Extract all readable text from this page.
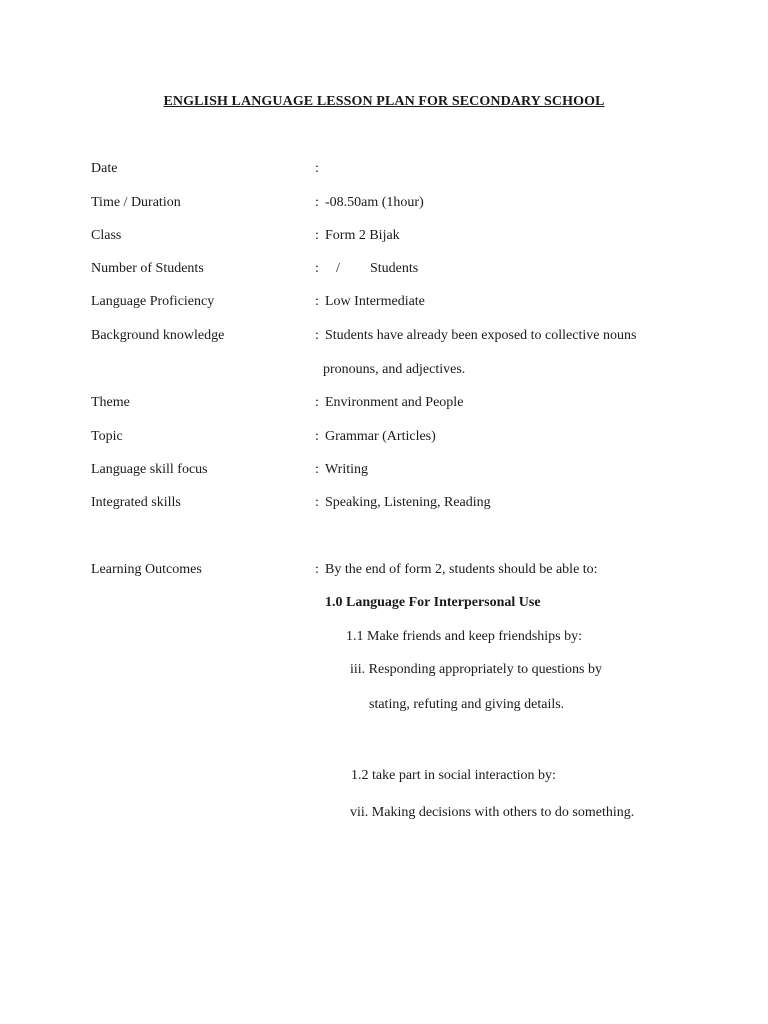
ENGLISH LANGUAGE LESSON PLAN FOR SECONDARY SCHOOL
Date	:
Time / Duration	: -08.50am (1hour)
Class	: Form 2 Bijak
Number of Students	: / Students
Language Proficiency	: Low Intermediate
Background knowledge	: Students have already been exposed to collective nouns
pronouns, and adjectives.
Theme	: Environment and People
Topic	: Grammar (Articles)
Language skill focus	: Writing
Integrated skills	: Speaking, Listening, Reading
Learning Outcomes	: By the end of form 2, students should be able to:
1.0 Language For Interpersonal Use
1.1 Make friends and keep friendships by:
iii. Responding appropriately to questions by
stating, refuting and giving details.
1.2 take part in social interaction by:
vii. Making decisions with others to do something.
